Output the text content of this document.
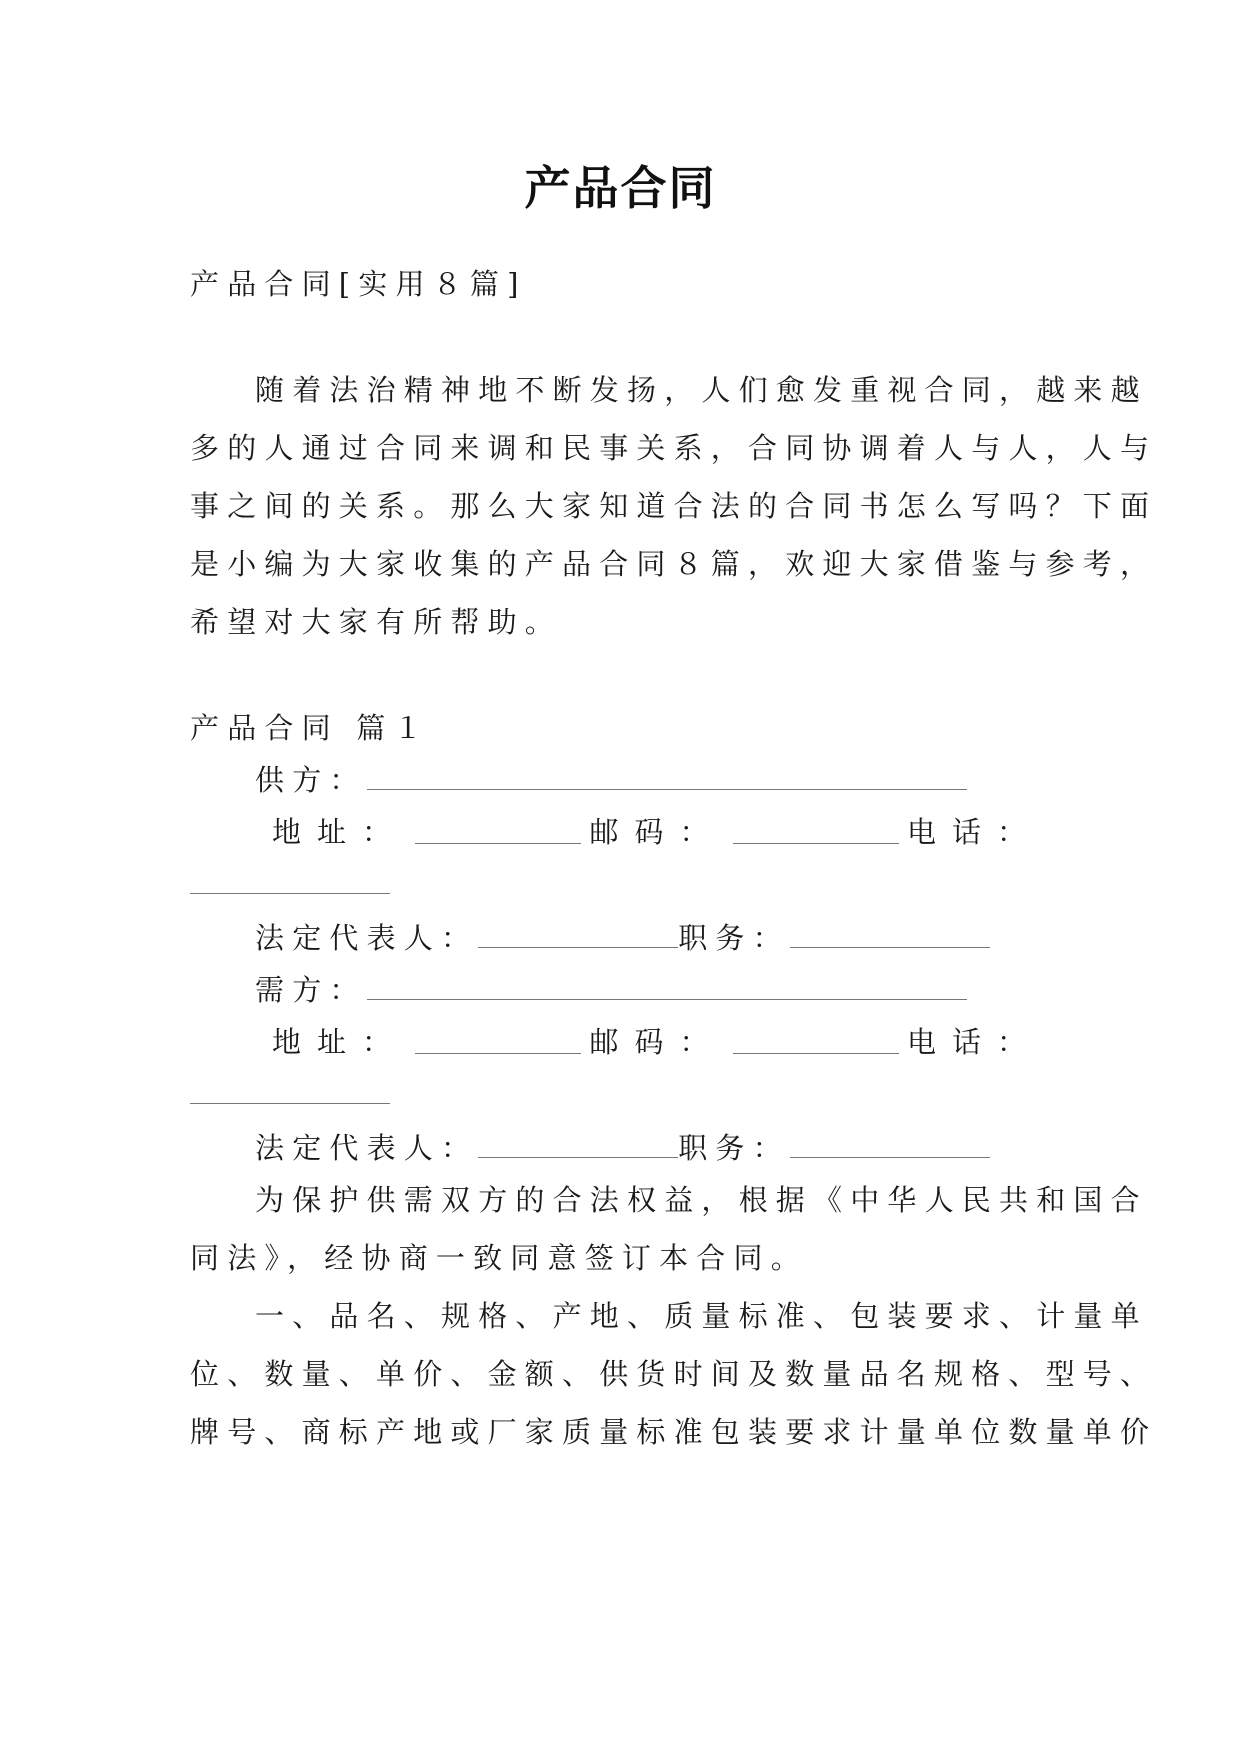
产品合同

产品合同[实用８篇]

随着法治精神地不断发扬，人们愈发重视合同，越来越

多的人通过合同来调和民事关系，合同协调着人与人，人与

事之间的关系。那么大家知道合法的合同书怎么写吗？下面

是小编为大家收集的产品合同８篇，欢迎大家借鉴与参考，

希望对大家有所帮助。

产品合同 篇１

供方：

地址：	邮码：	电话：

法定代表人：	职务：

需方：

地址：	邮码：	电话：

法定代表人：	职务：

为保护供需双方的合法权益，根据《中华人民共和国合

同法》，经协商一致同意签订本合同。

一、品名、规格、产地、质量标准、包装要求、计量单

位、数量、单价、金额、供货时间及数量品名规格、型号、

牌号、商标产地或厂家质量标准包装要求计量单位数量单价
